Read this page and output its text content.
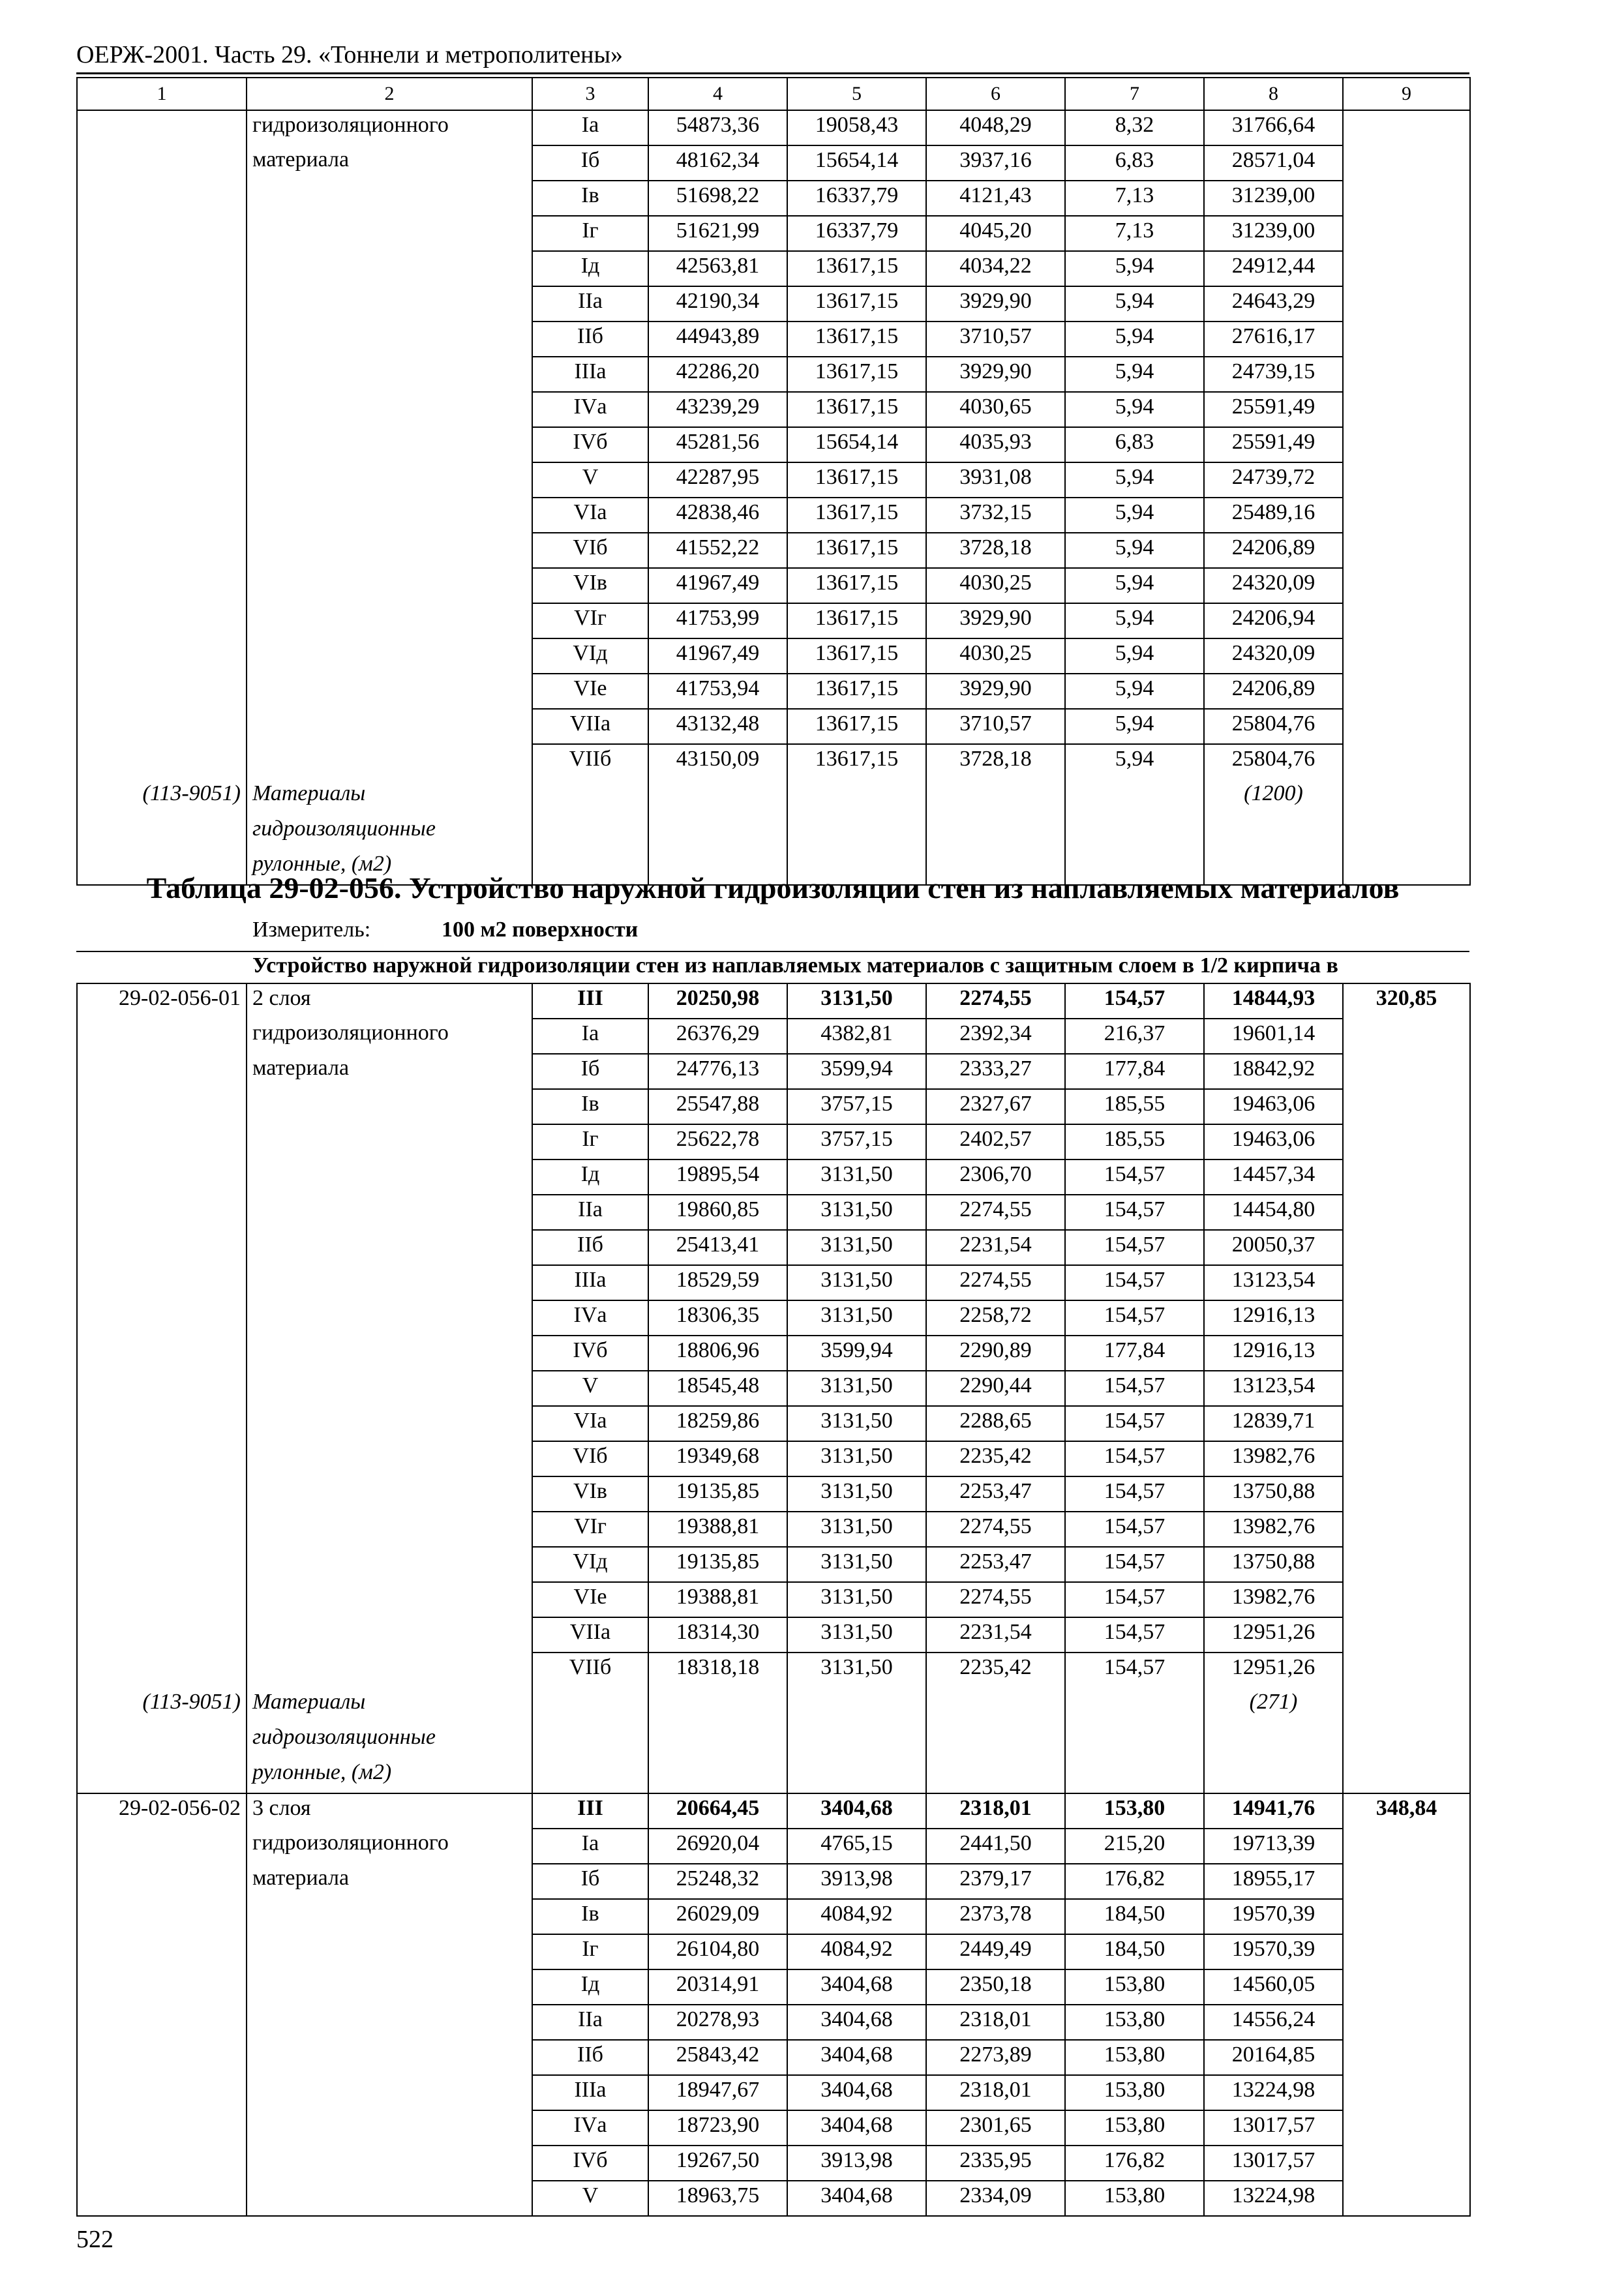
ОЕРЖ-2001. Часть 29. «Тоннели и метрополитены»
1	2	3	4	5	6	7	8	9
	гидроизоляционного	Iа	54873,36	19058,43	4048,29	8,32	31766,64	
	материала	Iб	48162,34	15654,14	3937,16	6,83	28571,04	
		Iв	51698,22	16337,79	4121,43	7,13	31239,00	
		Iг	51621,99	16337,79	4045,20	7,13	31239,00	
		Iд	42563,81	13617,15	4034,22	5,94	24912,44	
		IIа	42190,34	13617,15	3929,90	5,94	24643,29	
		IIб	44943,89	13617,15	3710,57	5,94	27616,17	
		IIIа	42286,20	13617,15	3929,90	5,94	24739,15	
		IVа	43239,29	13617,15	4030,65	5,94	25591,49	
		IVб	45281,56	15654,14	4035,93	6,83	25591,49	
		V	42287,95	13617,15	3931,08	5,94	24739,72	
		VIа	42838,46	13617,15	3732,15	5,94	25489,16	
		VIб	41552,22	13617,15	3728,18	5,94	24206,89	
		VIв	41967,49	13617,15	4030,25	5,94	24320,09	
		VIг	41753,99	13617,15	3929,90	5,94	24206,94	
		VIд	41967,49	13617,15	4030,25	5,94	24320,09	
		VIе	41753,94	13617,15	3929,90	5,94	24206,89	
		VIIа	43132,48	13617,15	3710,57	5,94	25804,76	
		VIIб	43150,09	13617,15	3728,18	5,94	25804,76	
(113-9051)	Материалы						(1200)	
	гидроизоляционные							
	рулонные, (м2)							
Таблица 29-02-056. Устройство наружной гидроизоляции стен из наплавляемых материалов
Измеритель:	100 м2 поверхности
Устройство наружной гидроизоляции стен из наплавляемых материалов с защитным слоем в 1/2 кирпича в
29-02-056-01	2 слоя	III	20250,98	3131,50	2274,55	154,57	14844,93	320,85
	гидроизоляционного	Iа	26376,29	4382,81	2392,34	216,37	19601,14	
	материала	Iб	24776,13	3599,94	2333,27	177,84	18842,92	
		Iв	25547,88	3757,15	2327,67	185,55	19463,06	
		Iг	25622,78	3757,15	2402,57	185,55	19463,06	
		Iд	19895,54	3131,50	2306,70	154,57	14457,34	
		IIа	19860,85	3131,50	2274,55	154,57	14454,80	
		IIб	25413,41	3131,50	2231,54	154,57	20050,37	
		IIIа	18529,59	3131,50	2274,55	154,57	13123,54	
		IVа	18306,35	3131,50	2258,72	154,57	12916,13	
		IVб	18806,96	3599,94	2290,89	177,84	12916,13	
		V	18545,48	3131,50	2290,44	154,57	13123,54	
		VIа	18259,86	3131,50	2288,65	154,57	12839,71	
		VIб	19349,68	3131,50	2235,42	154,57	13982,76	
		VIв	19135,85	3131,50	2253,47	154,57	13750,88	
		VIг	19388,81	3131,50	2274,55	154,57	13982,76	
		VIд	19135,85	3131,50	2253,47	154,57	13750,88	
		VIе	19388,81	3131,50	2274,55	154,57	13982,76	
		VIIа	18314,30	3131,50	2231,54	154,57	12951,26	
		VIIб	18318,18	3131,50	2235,42	154,57	12951,26	
(113-9051)	Материалы						(271)	
	гидроизоляционные							
	рулонные, (м2)							
29-02-056-02	3 слоя	III	20664,45	3404,68	2318,01	153,80	14941,76	348,84
	гидроизоляционного	Iа	26920,04	4765,15	2441,50	215,20	19713,39	
	материала	Iб	25248,32	3913,98	2379,17	176,82	18955,17	
		Iв	26029,09	4084,92	2373,78	184,50	19570,39	
		Iг	26104,80	4084,92	2449,49	184,50	19570,39	
		Iд	20314,91	3404,68	2350,18	153,80	14560,05	
		IIа	20278,93	3404,68	2318,01	153,80	14556,24	
		IIб	25843,42	3404,68	2273,89	153,80	20164,85	
		IIIа	18947,67	3404,68	2318,01	153,80	13224,98	
		IVа	18723,90	3404,68	2301,65	153,80	13017,57	
		IVб	19267,50	3913,98	2335,95	176,82	13017,57	
		V	18963,75	3404,68	2334,09	153,80	13224,98	
522
